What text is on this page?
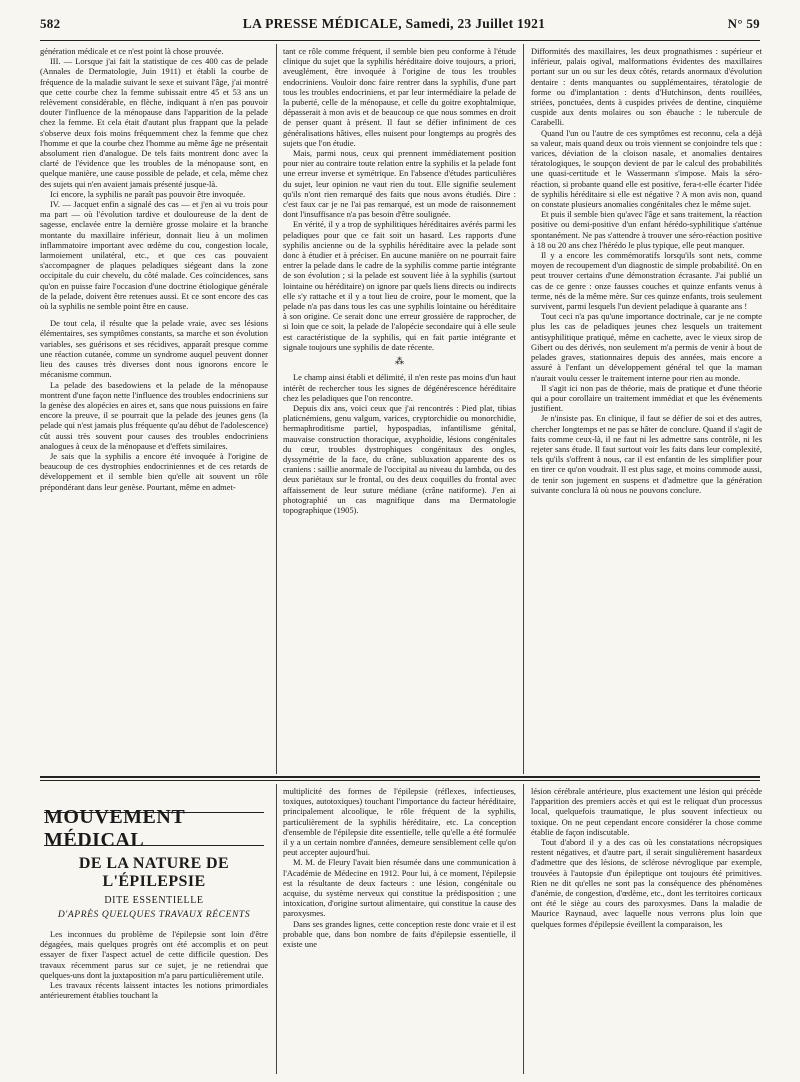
582	LA PRESSE MÉDICALE, Samedi, 23 Juillet 1921	N° 59

génération médicale et ce n'est point là chose prouvée.

III. — Lorsque j'ai fait la statistique de ces 400 cas de pelade (Annales de Dermatologie, Juin 1911) et établi la courbe de fréquence de la maladie suivant le sexe et suivant l'âge, j'ai montré que cette courbe chez la femme subissait entre 45 et 53 ans un relèvement considérable, en flèche, indiquant à n'en pas pouvoir douter l'influence de la ménopause dans l'apparition de la pelade chez la femme. Et cela était d'autant plus frappant que la pelade s'observe deux fois moins fréquemment chez la femme que chez l'homme et que la courbe chez l'homme au même âge ne présentait absolument rien d'analogue. De tels faits montrent donc avec la clarté de l'évidence que les troubles de la ménopause sont, en quelque manière, une cause possible de pelade, et cela, même chez des sujets qui n'en avaient jamais présenté jusque-là.

Ici encore, la syphilis ne paraît pas pouvoir être invoquée.

IV. — Jacquet enfin a signalé des cas — et j'en ai vu trois pour ma part — où l'évolution tardive et douloureuse de la dent de sagesse, enclavée entre la dernière grosse molaire et la branche montante du maxillaire inférieur, donnait lieu à un molimen inflammatoire important avec œdème du cou, congestion locale, larmoiement unilatéral, etc., et que ces cas pouvaient s'accompagner de plaques peladiques siégeant dans la zone occipitale du cuir chevelu, du côté malade. Ces coïncidences, sans qu'on en puisse faire l'occasion d'une doctrine étiologique générale de la pelade, doivent être retenues aussi. Et ce sont encore des cas où la syphilis ne semble point être en cause.

De tout cela, il résulte que la pelade vraie, avec ses lésions élémentaires, ses symptômes constants, sa marche et son évolution variables, ses guérisons et ses récidives, apparaît presque comme une réaction cutanée, comme un syndrome auquel peuvent donner lieu des causes très diverses dont nous ignorons encore le mécanisme commun.

La pelade des basedowiens et la pelade de la ménopause montrent d'une façon nette l'influence des troubles endocriniens sur la genèse des alopécies en aires et, sans que nous puissions en faire encore la preuve, il se pourrait que la pelade des jeunes gens (la pelade qui n'est jamais plus fréquente qu'au début de l'adolescence) cût aussi très souvent pour causes des troubles endocriniens analogues à ceux de la ménopause et d'effets similaires.

Je sais que la syphilis a encore été invoquée à l'origine de beaucoup de ces dystrophies endocriniennes et de ces retards de développement et il semble bien qu'elle ait souvent un rôle prépondérant dans leur genèse. Pourtant, même en admet-

tant ce rôle comme fréquent, il semble bien peu conforme à l'étude clinique du sujet que la syphilis héréditaire doive toujours, a priori, aveuglément, être invoquée à l'origine de tous les troubles endocriniens. Vouloir donc faire rentrer dans la syphilis, d'une part tous les troubles endocriniens, et par leur intermédiaire la pelade de la puberté, celle de la ménopause, et celle du goitre exophtalmique, dépasserait à mon avis et de beaucoup ce que nous sommes en droit de penser quant à présent. Il faut se défier infiniment de ces généralisations hâtives, elles nuisent pour longtemps au progrès des sujets que l'on étudie.

Mais, parmi nous, ceux qui prennent immédiatement position pour nier au contraire toute relation entre la syphilis et la pelade font une erreur inverse et symétrique. En l'absence d'études particulières du sujet, leur opinion ne vaut rien du tout. Elle signifie seulement qu'ils n'ont rien remarqué des faits que nous avons étudiés. Dire : c'est faux car je ne l'ai pas remarqué, est un mode de raisonnement dont l'insuffisance n'a pas besoin d'être soulignée.

En vérité, il y a trop de syphilitiques héréditaires avérés parmi les peladiques pour que ce fait soit un hasard. Les rapports d'une syphilis ancienne ou de la syphilis héréditaire avec la pelade sont donc à étudier et à préciser. En aucune manière on ne pourrait faire entrer la pelade dans le cadre de la syphilis comme partie intégrante de son évolution ; si la pelade est souvent liée à la syphilis (surtout lointaine ou héréditaire) on ignore par quels liens directs ou indirects elle s'y rattache et il y a tout lieu de croire, pour le moment, que la pelade n'a pas dans tous les cas une syphilis lointaine ou héréditaire à son origine. Ce serait donc une erreur grossière de rapprocher, de si loin que ce soit, la pelade de l'alopécie secondaire qui à elle seule est caractéristique de la syphilis, qui en fait partie intégrante et signale toujours une syphilis de date récente.

⁂

Le champ ainsi établi et délimité, il n'en reste pas moins d'un haut intérêt de rechercher tous les signes de dégénérescence héréditaire chez les peladiques que l'on rencontre.

Depuis dix ans, voici ceux que j'ai rencontrés : Pied plat, tibias platicnémiens, genu valgum, varices, cryptorchidie ou monorchidie, hermaphroditisme partiel, hypospadias, infantilisme génital, mauvaise construction thoracique, axyphoïdie, lésions congénitales du cœur, troubles dystrophiques congénitaux des ongles, dyssymétrie de la face, du crâne, subluxation apparente des os craniens : saillie anormale de l'occipital au niveau du lambda, ou des deux pariétaux sur le frontal, ou des deux coquilles du frontal avec affaissement de leur suture médiane (crâne natiforme). J'en ai photographié un cas magnifique dans ma Dermatologie topographique (1905).

Difformités des maxillaires, les deux prognathismes : supérieur et inférieur, palais ogival, malformations évidentes des maxillaires portant sur un ou sur les deux côtés, retards anormaux d'évolution dentaire : dents manquantes ou supplémentaires, tératologie de forme ou d'implantation : dents d'Hutchinson, dents rouillées, striées, ponctuées, dents à cuspides privées de dentine, cinquième cuspide aux dents molaires ou son ébauche : le tubercule de Carabelli.

Quand l'un ou l'autre de ces symptômes est reconnu, cela a déjà sa valeur, mais quand deux ou trois viennent se conjoindre tels que : varices, déviation de la cloison nasale, et anomalies dentaires tératologiques, le soupçon devient de par le calcul des probabilités une quasi-certitude et le Wassermann s'impose. Mais la séro-réaction, si probante quand elle est positive, fera-t-elle écarter l'idée de syphilis héréditaire si elle est négative ? A mon avis non, quand on constate plusieurs anomalies congénitales chez le même sujet.

Et puis il semble bien qu'avec l'âge et sans traitement, la réaction positive ou demi-positive d'un enfant hérédo-syphilitique s'atténue spontanément. Ne pas s'attendre à trouver une séro-réaction positive à 18 ou 20 ans chez l'hérédo le plus typique, elle peut manquer.

Il y a encore les commémoratifs lorsqu'ils sont nets, comme moyen de recoupement d'un diagnostic de simple probabilité. On en peut trouver certains d'une démonstration écrasante. J'ai publié un cas de ce genre : onze fausses couches et quinze enfants venus à terme, nés de la même mère. Sur ces quinze enfants, trois seulement survivent, parmi lesquels l'un devient peladique à quarante ans !

Tout ceci n'a pas qu'une importance doctrinale, car je ne compte plus les cas de peladiques jeunes chez lesquels un traitement antisyphilitique pratiqué, même en cachette, avec le vieux sirop de Gibert ou des dérivés, non seulement m'a permis de venir à bout de pelades graves, stationnaires depuis des années, mais encore a assuré à l'enfant un développement général tel que la maman n'aurait voulu cesser le traitement interne pour rien au monde.

Il s'agit ici non pas de théorie, mais de pratique et d'une théorie qui a pour corollaire un traitement immédiat et que les événements justifient.

Je n'insiste pas. En clinique, il faut se défier de soi et des autres, chercher longtemps et ne pas se hâter de conclure. Quand il s'agit de faits comme ceux-là, il ne faut ni les admettre sans contrôle, ni les rejeter sans étude. Il faut surtout voir les faits dans leur complexité, tels qu'ils s'offrent à nous, car il est enfantin de les simplifier pour en tirer ce qu'on voudrait. Il est plus sage, et moins commode aussi, de tenir son jugement en suspens et d'admettre que la génération suivante conclura là où nous ne pouvons conclure.

MOUVEMENT MÉDICAL
DE LA NATURE DE L'ÉPILEPSIE
DITE ESSENTIELLE
D'APRÈS QUELQUES TRAVAUX RÉCENTS

Les inconnues du problème de l'épilepsie sont loin d'être dégagées, mais quelques progrès ont été accomplis et on peut essayer de fixer l'aspect actuel de cette difficile question. Des travaux récemment parus sur ce sujet, je ne retiendrai que quelques-uns dont la juxtaposition m'a paru particulièrement utile.

Les travaux récents laissent intactes les notions primordiales antérieurement établies touchant la

multiplicité des formes de l'épilepsie (réflexes, infectieuses, toxiques, autotoxiques) touchant l'importance du facteur héréditaire, principalement alcoolique, le rôle fréquent de la syphilis, particulièrement de la syphilis héréditaire, etc. La conception d'ensemble de l'épilepsie dite essentielle, telle qu'elle a été formulée il y a un certain nombre d'années, demeure sensiblement celle qu'on peut accepter aujourd'hui.

M. M. de Fleury l'avait bien résumée dans une communication à l'Académie de Médecine en 1912. Pour lui, à ce moment, l'épilepsie est la résultante de deux facteurs : une lésion, congénitale ou acquise, du système nerveux qui constitue la prédisposition ; une intoxication, d'origine surtout alimentaire, qui constitue la cause des paroxysmes.

Dans ses grandes lignes, cette conception reste donc vraie et il est probable que, dans bon nombre de faits d'épilepsie essentielle, il existe une

lésion cérébrale antérieure, plus exactement une lésion qui précède l'apparition des premiers accès et qui est le reliquat d'un processus local, quelquefois traumatique, le plus souvent infectieux ou toxique. On ne peut cependant encore considérer la chose comme établie de façon indiscutable.

Tout d'abord il y a des cas où les constatations nécropsiques restent négatives, et d'autre part, il serait singulièrement hasardeux d'admettre que des lésions, de sclérose névroglique par exemple, trouvées à l'autopsie d'un épileptique ont toujours été primitives. Rien ne dit qu'elles ne sont pas la conséquence des phénomènes d'anémie, de congestion, d'œdème, etc., dont les territoires corticaux ont été le siège au cours des paroxysmes. Dans la maladie de Maurice Raynaud, avec laquelle nous verrons plus loin que quelques formes d'épilepsie éveillent la comparaison, les
